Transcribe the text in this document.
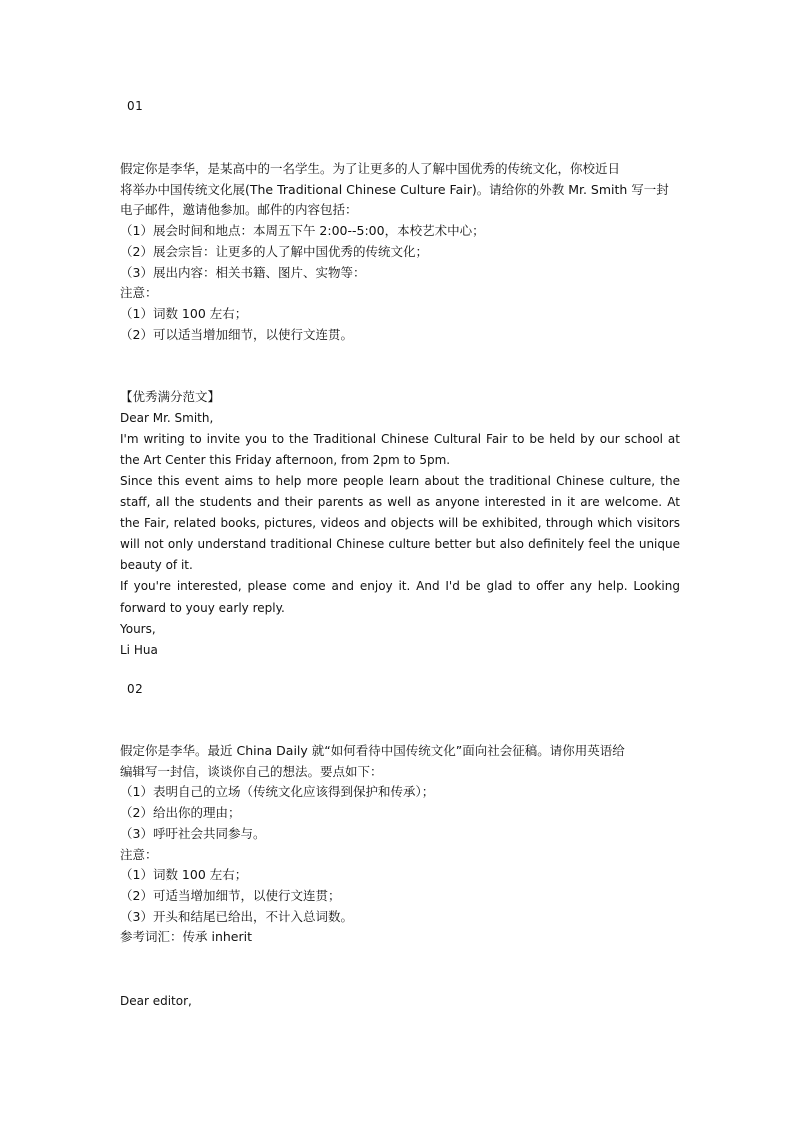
01

假定你是李华，是某高中的一名学生。为了让更多的人了解中国优秀的传统文化，你校近日

将举办中国传统文化展(The Traditional Chinese Culture Fair)。请给你的外教 Mr. Smith 写一封

电子邮件，邀请他参加。邮件的内容包括：

（1）展会时间和地点：本周五下午 2:00--5:00，本校艺术中心；

（2）展会宗旨：让更多的人了解中国优秀的传统文化；

（3）展出内容：相关书籍、图片、实物等：

注意：

（1）词数 100 左右；

（2）可以适当增加细节，以使行文连贯。

【优秀满分范文】

Dear Mr. Smith,

I'm writing to invite you to the Traditional Chinese Cultural Fair to be held by our school at the Art Center this Friday afternoon, from 2pm to 5pm.

Since this event aims to help more people learn about the traditional Chinese culture, the staff, all the students and their parents as well as anyone interested in it are welcome. At the Fair, related books, pictures, videos and objects will be exhibited, through which visitors will not only understand traditional Chinese culture better but also definitely feel the unique beauty of it.

If you're interested, please come and enjoy it. And I'd be glad to offer any help. Looking forward to youy early reply.

Yours,

Li Hua

02

假定你是李华。最近 China Daily 就“如何看待中国传统文化”面向社会征稿。请你用英语给

编辑写一封信，谈谈你自己的想法。要点如下：

（1）表明自己的立场（传统文化应该得到保护和传承）；

（2）给出你的理由；

（3）呼吁社会共同参与。

注意：

（1）词数 100 左右；

（2）可适当增加细节，以使行文连贯；

（3）开头和结尾已给出，不计入总词数。

参考词汇：传承 inherit

Dear editor,
